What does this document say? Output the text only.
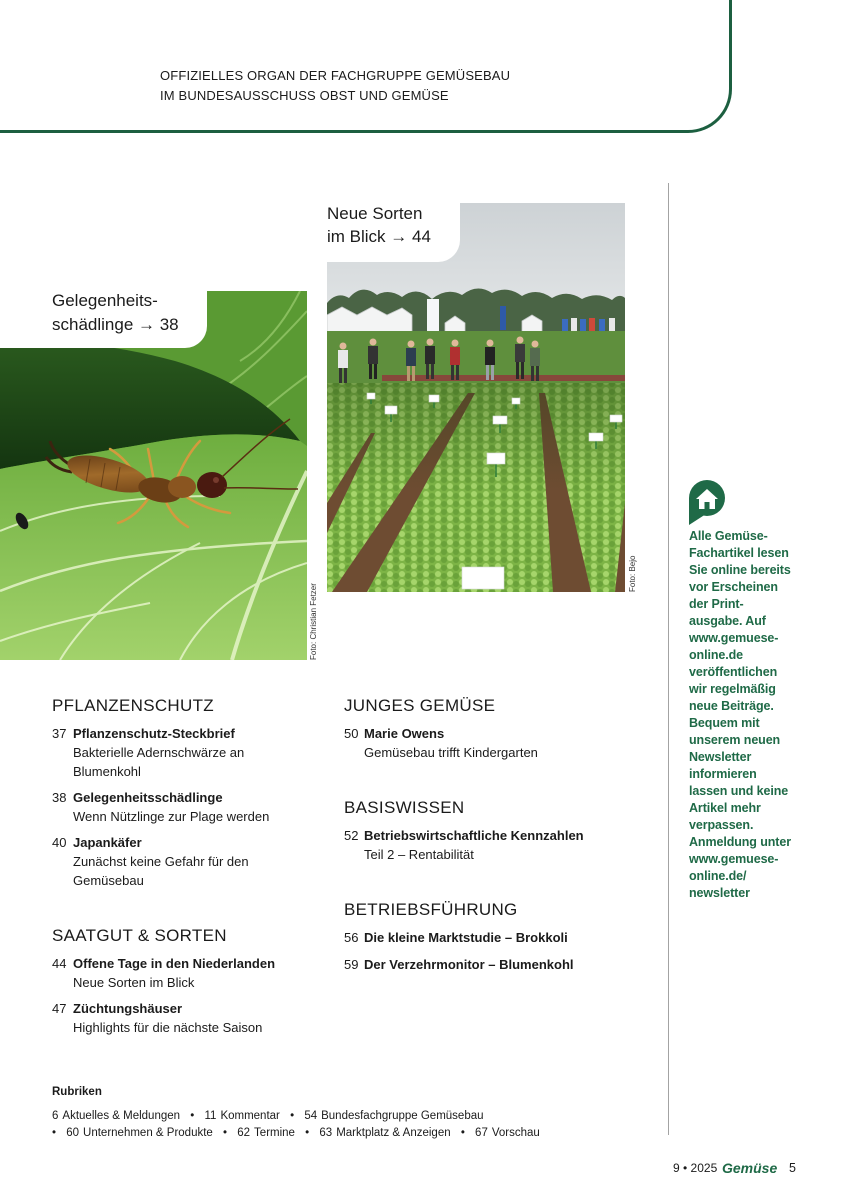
OFFIZIELLES ORGAN DER FACHGRUPPE GEMÜSEBAU
IM BUNDESAUSSCHUSS OBST UND GEMÜSE
Gelegenheits-
schädlinge → 38
Foto: Christian Fetzer
Neue Sorten
im Blick → 44
Foto: Bejo
Alle Gemüse-
Fachartikel lesen
Sie online bereits
vor Erscheinen
der Print-
ausgabe. Auf
www.gemuese-
online.de
veröffentlichen
wir regelmäßig
neue Beiträge.
Bequem mit
unserem neuen
Newsletter
informieren
lassen und keine
Artikel mehr
verpassen.
Anmeldung unter
www.gemuese-
online.de/
newsletter
PFLANZENSCHUTZ
37 Pflanzenschutz-Steckbrief
Bakterielle Adernschwärze an
Blumenkohl
38 Gelegenheitsschädlinge
Wenn Nützlinge zur Plage werden
40 Japankäfer
Zunächst keine Gefahr für den
Gemüsebau
SAATGUT & SORTEN
44 Offene Tage in den Niederlanden
Neue Sorten im Blick
47 Züchtungshäuser
Highlights für die nächste Saison
JUNGES GEMÜSE
50 Marie Owens
Gemüsebau trifft Kindergarten
BASISWISSEN
52 Betriebswirtschaftliche Kennzahlen
Teil 2 – Rentabilität
BETRIEBSFÜHRUNG
56 Die kleine Marktstudie – Brokkoli
59 Der Verzehrmonitor – Blumenkohl
Rubriken
6 Aktuelles & Meldungen • 11 Kommentar • 54 Bundesfachgruppe Gemüsebau
• 60 Unternehmen & Produkte • 62 Termine • 63 Marktplatz & Anzeigen • 67 Vorschau
9 • 2025 Gemüse 5
